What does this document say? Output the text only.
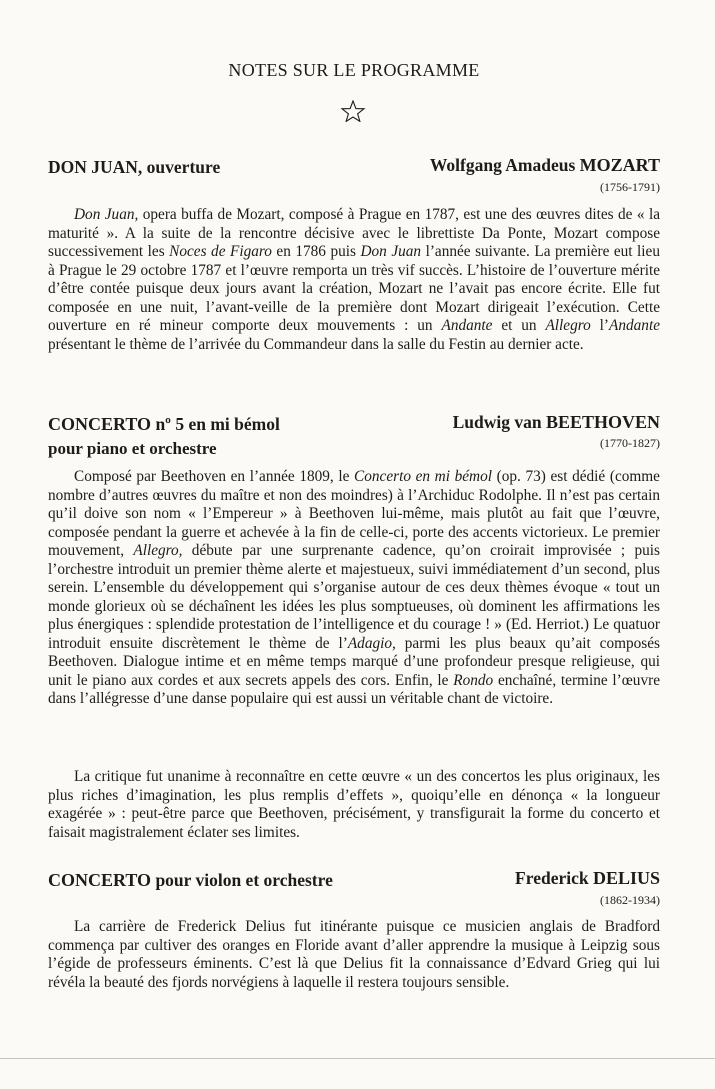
NOTES SUR LE PROGRAMME
DON JUAN, ouverture	Wolfgang Amadeus MOZART
(1756-1791)
Don Juan, opera buffa de Mozart, composé à Prague en 1787, est une des œuvres dites de « la maturité ». A la suite de la rencontre décisive avec le librettiste Da Ponte, Mozart compose successivement les Noces de Figaro en 1786 puis Don Juan l’année suivante. La première eut lieu à Prague le 29 octobre 1787 et l’œuvre remporta un très vif succès. L’histoire de l’ouverture mérite d’être contée puisque deux jours avant la création, Mozart ne l’avait pas encore écrite. Elle fut composée en une nuit, l’avant-veille de la première dont Mozart dirigeait l’exécution. Cette ouverture en ré mineur comporte deux mouvements : un Andante et un Allegro l’Andante présentant le thème de l’arrivée du Commandeur dans la salle du Festin au dernier acte.
CONCERTO nº 5 en mi bémol
pour piano et orchestre
Ludwig van BEETHOVEN
(1770-1827)
Composé par Beethoven en l’année 1809, le Concerto en mi bémol (op. 73) est dédié (comme nombre d’autres œuvres du maître et non des moindres) à l’Archiduc Rodolphe. Il n’est pas certain qu’il doive son nom « l’Empereur » à Beethoven lui-même, mais plutôt au fait que l’œuvre, composée pendant la guerre et achevée à la fin de celle-ci, porte des accents victorieux. Le premier mouvement, Allegro, débute par une surprenante cadence, qu’on croirait improvisée ; puis l’orchestre introduit un premier thème alerte et majestueux, suivi immédiatement d’un second, plus serein. L’ensemble du développement qui s’organise autour de ces deux thèmes évoque « tout un monde glorieux où se déchaînent les idées les plus somptueuses, où dominent les affirmations les plus énergiques : splendide protestation de l’intelligence et du courage ! » (Ed. Herriot.) Le quatuor introduit ensuite discrètement le thème de l’Adagio, parmi les plus beaux qu’ait composés Beethoven. Dialogue intime et en même temps marqué d’une profondeur presque religieuse, qui unit le piano aux cordes et aux secrets appels des cors. Enfin, le Rondo enchaîné, termine l’œuvre dans l’allégresse d’une danse populaire qui est aussi un véritable chant de victoire.
La critique fut unanime à reconnaître en cette œuvre « un des concertos les plus originaux, les plus riches d’imagination, les plus remplis d’effets », quoiqu’elle en dénonça « la longueur exagérée » : peut-être parce que Beethoven, précisément, y transfigurait la forme du concerto et faisait magistralement éclater ses limites.
CONCERTO pour violon et orchestre	Frederick DELIUS
(1862-1934)
La carrière de Frederick Delius fut itinérante puisque ce musicien anglais de Bradford commença par cultiver des oranges en Floride avant d’aller apprendre la musique à Leipzig sous l’égide de professeurs éminents. C’est là que Delius fit la connaissance d’Edvard Grieg qui lui révéla la beauté des fjords norvégiens à laquelle il restera toujours sensible.
